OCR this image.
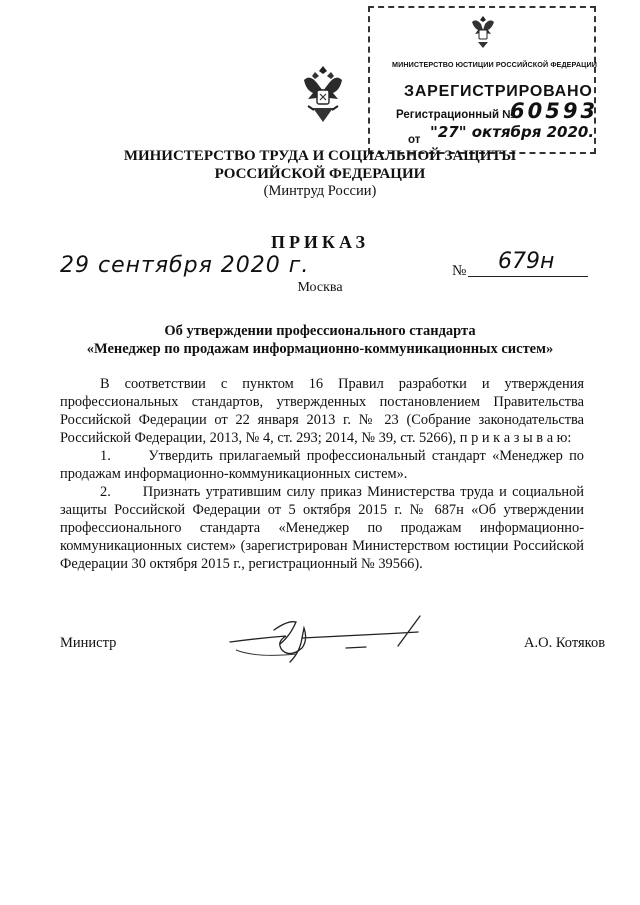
МИНИСТЕРСТВО ЮСТИЦИИ РОССИЙСКОЙ ФЕДЕРАЦИИ
ЗАРЕГИСТРИРОВАНО
Регистрационный №
60593
от "27" октября 2020.
МИНИСТЕРСТВО ТРУДА И СОЦИАЛЬНОЙ ЗАЩИТЫ
РОССИЙСКОЙ ФЕДЕРАЦИИ
(Минтруд России)
ПРИКАЗ
29 сентября 2020 г.	№ 679н
Москва
Об утверждении профессионального стандарта
«Менеджер по продажам информационно-коммуникационных систем»

В соответствии с пунктом 16 Правил разработки и утверждения профессиональных стандартов, утвержденных постановлением Правительства Российской Федерации от 22 января 2013 г. № 23 (Собрание законодательства Российской Федерации, 2013, № 4, ст. 293; 2014, № 39, ст. 5266), п р и к а з ы в а ю:

1.      Утвердить прилагаемый профессиональный стандарт «Менеджер по продажам информационно-коммуникационных систем».

2.      Признать утратившим силу приказ Министерства труда и социальной защиты Российской Федерации от 5 октября 2015 г. № 687н «Об утверждении профессионального стандарта «Менеджер по продажам информационно-коммуникационных систем» (зарегистрирован Министерством юстиции Российской Федерации 30 октября 2015 г., регистрационный № 39566).

Министр	А.О. Котяков
